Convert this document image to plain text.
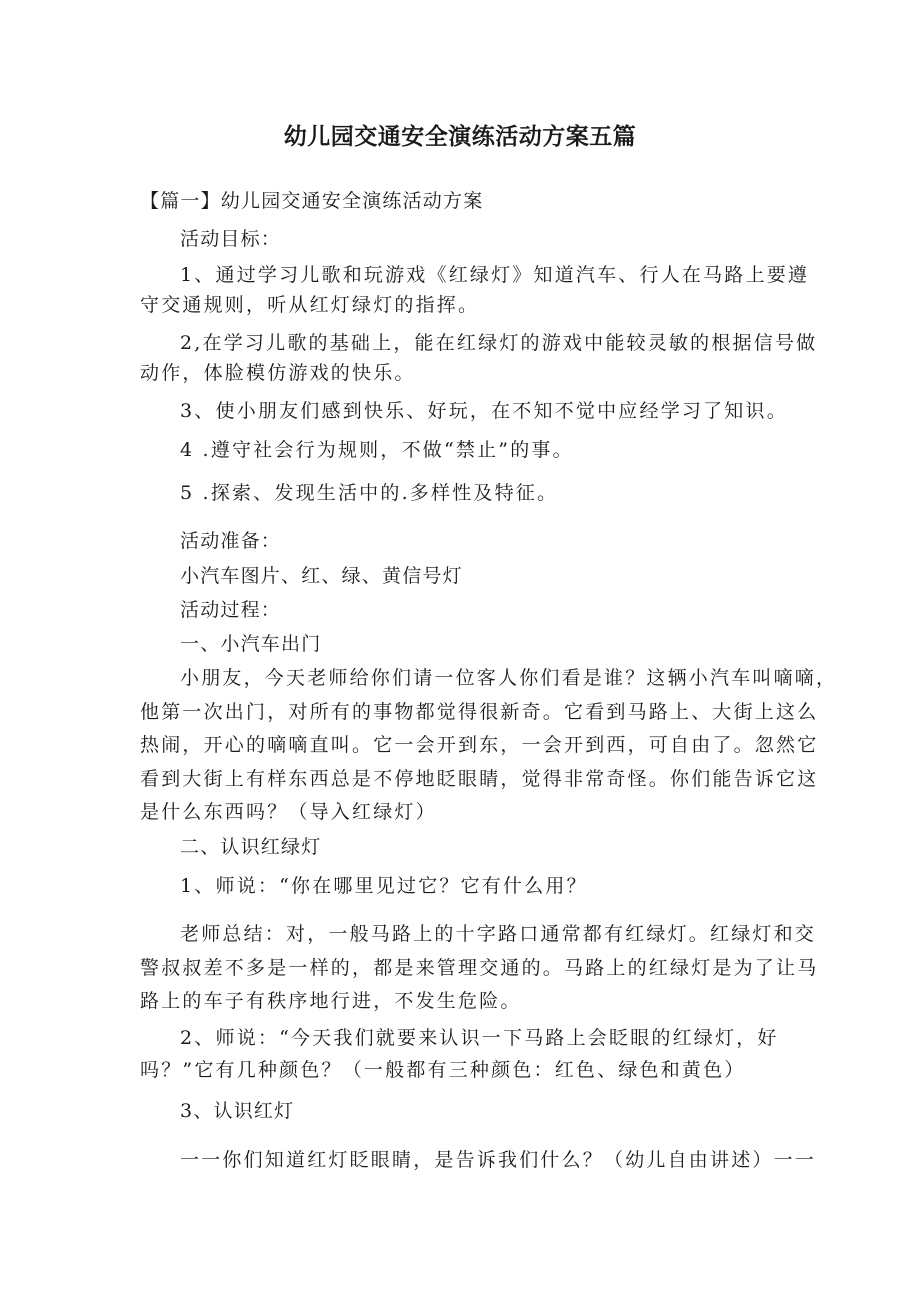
幼儿园交通安全演练活动方案五篇

【篇一】幼儿园交通安全演练活动方案

活动目标：

1、通过学习儿歌和玩游戏《红绿灯》知道汽车、行人在马路上要遵

守交通规则，听从红灯绿灯的指挥。

2,在学习儿歌的基础上，能在红绿灯的游戏中能较灵敏的根据信号做

动作，体脸模仿游戏的快乐。

3、使小朋友们感到快乐、好玩，在不知不觉中应经学习了知识。

4 .遵守社会行为规则，不做“禁止”的事。

5 .探索、发现生活中的.多样性及特征。

活动准备：

小汽车图片、红、绿、黄信号灯

活动过程：

一、小汽车出门

小朋友，今天老师给你们请一位客人你们看是谁？这辆小汽车叫嘀嘀，

他第一次出门，对所有的事物都觉得很新奇。它看到马路上、大街上这么

热闹，开心的嘀嘀直叫。它一会开到东，一会开到西，可自由了。忽然它

看到大街上有样东西总是不停地眨眼睛，觉得非常奇怪。你们能告诉它这

是什么东西吗？（导入红绿灯）

二、认识红绿灯

1、师说：“你在哪里见过它？它有什么用？

老师总结：对，一般马路上的十字路口通常都有红绿灯。红绿灯和交

警叔叔差不多是一样的，都是来管理交通的。马路上的红绿灯是为了让马

路上的车子有秩序地行进，不发生危险。

2、师说：“今天我们就要来认识一下马路上会眨眼的红绿灯，好

吗？”它有几种颜色？（一般都有三种颜色：红色、绿色和黄色）

3、认识红灯

一一你们知道红灯眨眼睛，是告诉我们什么？（幼儿自由讲述）一一
